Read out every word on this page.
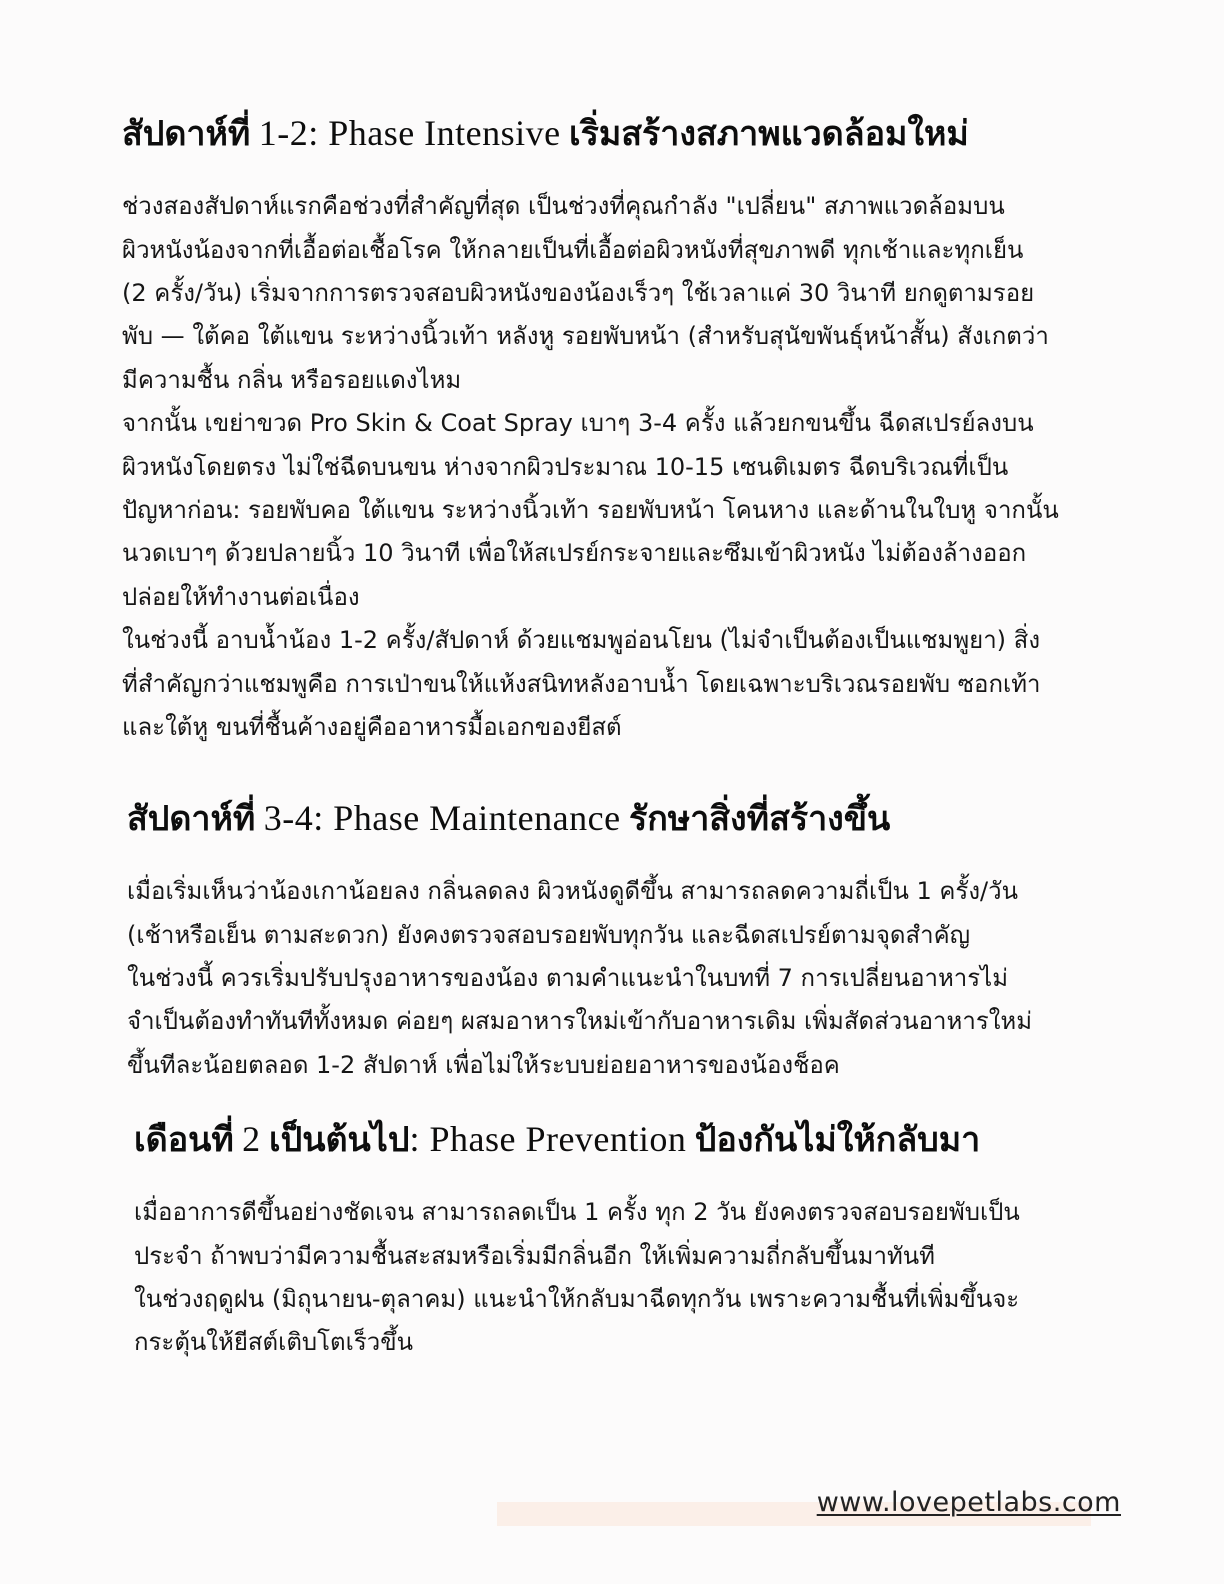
สัปดาห์ที่ 1-2: Phase Intensive เริ่มสร้างสภาพแวดล้อมใหม่

ช่วงสองสัปดาห์แรกคือช่วงที่สำคัญที่สุด เป็นช่วงที่คุณกำลัง "เปลี่ยน" สภาพแวดล้อมบน
ผิวหนังน้องจากที่เอื้อต่อเชื้อโรค ให้กลายเป็นที่เอื้อต่อผิวหนังที่สุขภาพดี ทุกเช้าและทุกเย็น
(2 ครั้ง/วัน) เริ่มจากการตรวจสอบผิวหนังของน้องเร็วๆ ใช้เวลาแค่ 30 วินาที ยกดูตามรอย
พับ — ใต้คอ ใต้แขน ระหว่างนิ้วเท้า หลังหู รอยพับหน้า (สำหรับสุนัขพันธุ์หน้าสั้น) สังเกตว่า
มีความชื้น กลิ่น หรือรอยแดงไหม
จากนั้น เขย่าขวด Pro Skin & Coat Spray เบาๆ 3-4 ครั้ง แล้วยกขนขึ้น ฉีดสเปรย์ลงบน
ผิวหนังโดยตรง ไม่ใช่ฉีดบนขน ห่างจากผิวประมาณ 10-15 เซนติเมตร ฉีดบริเวณที่เป็น
ปัญหาก่อน: รอยพับคอ ใต้แขน ระหว่างนิ้วเท้า รอยพับหน้า โคนหาง และด้านในใบหู จากนั้น
นวดเบาๆ ด้วยปลายนิ้ว 10 วินาที เพื่อให้สเปรย์กระจายและซึมเข้าผิวหนัง ไม่ต้องล้างออก
ปล่อยให้ทำงานต่อเนื่อง
ในช่วงนี้ อาบน้ำน้อง 1-2 ครั้ง/สัปดาห์ ด้วยแชมพูอ่อนโยน (ไม่จำเป็นต้องเป็นแชมพูยา) สิ่ง
ที่สำคัญกว่าแชมพูคือ การเป่าขนให้แห้งสนิทหลังอาบน้ำ โดยเฉพาะบริเวณรอยพับ ซอกเท้า
และใต้หู ขนที่ชื้นค้างอยู่คืออาหารมื้อเอกของยีสต์

สัปดาห์ที่ 3-4: Phase Maintenance รักษาสิ่งที่สร้างขึ้น

เมื่อเริ่มเห็นว่าน้องเกาน้อยลง กลิ่นลดลง ผิวหนังดูดีขึ้น สามารถลดความถี่เป็น 1 ครั้ง/วัน
(เช้าหรือเย็น ตามสะดวก) ยังคงตรวจสอบรอยพับทุกวัน และฉีดสเปรย์ตามจุดสำคัญ
ในช่วงนี้ ควรเริ่มปรับปรุงอาหารของน้อง ตามคำแนะนำในบทที่ 7 การเปลี่ยนอาหารไม่
จำเป็นต้องทำทันทีทั้งหมด ค่อยๆ ผสมอาหารใหม่เข้ากับอาหารเดิม เพิ่มสัดส่วนอาหารใหม่
ขึ้นทีละน้อยตลอด 1-2 สัปดาห์ เพื่อไม่ให้ระบบย่อยอาหารของน้องช็อค

เดือนที่ 2 เป็นต้นไป: Phase Prevention ป้องกันไม่ให้กลับมา

เมื่ออาการดีขึ้นอย่างชัดเจน สามารถลดเป็น 1 ครั้ง ทุก 2 วัน ยังคงตรวจสอบรอยพับเป็น
ประจำ ถ้าพบว่ามีความชื้นสะสมหรือเริ่มมีกลิ่นอีก ให้เพิ่มความถี่กลับขึ้นมาทันที
ในช่วงฤดูฝน (มิถุนายน-ตุลาคม) แนะนำให้กลับมาฉีดทุกวัน เพราะความชื้นที่เพิ่มขึ้นจะ
กระตุ้นให้ยีสต์เติบโตเร็วขึ้น

www.lovepetlabs.com
